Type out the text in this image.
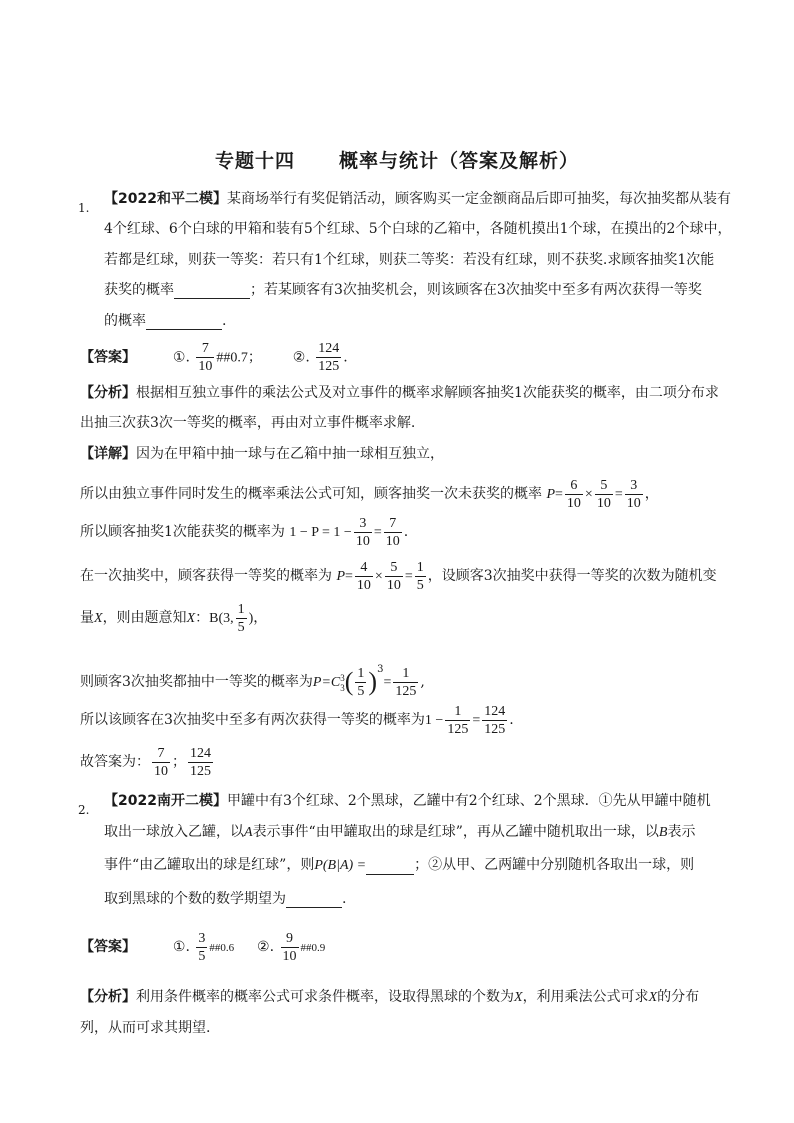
专题十四 概率与统计（答案及解析）
1.
【2022和平二模】某商场举行有奖促销活动，顾客购买一定金额商品后即可抽奖，每次抽奖都从装有
4个红球、6个白球的甲箱和装有5个红球、5个白球的乙箱中，各随机摸出1个球，在摸出的2个球中，
若都是红球，则获一等奖：若只有1个红球，则获二等奖：若没有红球，则不获奖.求顾客抽奖1次能
获奖的概率	；若某顾客有3次抽奖机会，则该顾客在3次抽奖中至多有两次获得一等奖
的概率	.
【答案】	①. $\frac{7}{10}$ ##0.7； ②. $\frac{124}{125}$ .
【分析】根据相互独立事件的乘法公式及对立事件的概率求解顾客抽奖1次能获奖的概率，由二项分布求
出抽三次获3次一等奖的概率，再由对立事件概率求解.
【详解】因为在甲箱中抽一球与在乙箱中抽一球相互独立，
所以由独立事件同时发生的概率乘法公式可知，顾客抽奖一次未获奖的概率 $P= \frac{6}{10} \times \frac{5}{10} = \frac{3}{10}$ ，
所以顾客抽奖1次能获奖的概率为 $1 - P = 1 - \frac{3}{10} = \frac{7}{10}$ .
在一次抽奖中，顾客获得一等奖的概率为 $P= \frac{4}{10} \times \frac{5}{10} = \frac{1}{5}$ ，设顾客3次抽奖中获得一等奖的次数为随机变
量X，则由题意知X：B(3, $\frac{1}{5}$ )，
则顾客3次抽奖都抽中一等奖的概率为P=C 3
3 ( $\frac{1}{5} )^3= \frac{1}{125}$ ,
所以该顾客在3次抽奖中至多有两次获得一等奖的概率为$1 - \frac{1}{125} = \frac{124}{125}$ .
故答案为： $\frac{7}{10}$ ； $\frac{124}{125}$
2.
【2022南开二模】甲罐中有3个红球、2个黑球，乙罐中有2个红球、2个黑球．①先从甲罐中随机
取出一球放入乙罐，以A表示事件“由甲罐取出的球是红球”，再从乙罐中随机取出一球，以B表示
事件“由乙罐取出的球是红球”，则P(B|A) =	；②从甲、乙两罐中分别随机各取出一球，则
取到黑球的个数的数学期望为	.
【答案】	①. $\frac{3}{5}$ ##0.6 ②. $\frac{9}{10}$ ##0.9
【分析】利用条件概率的概率公式可求条件概率，设取得黑球的个数为X，利用乘法公式可求X的分布
列，从而可求其期望.
